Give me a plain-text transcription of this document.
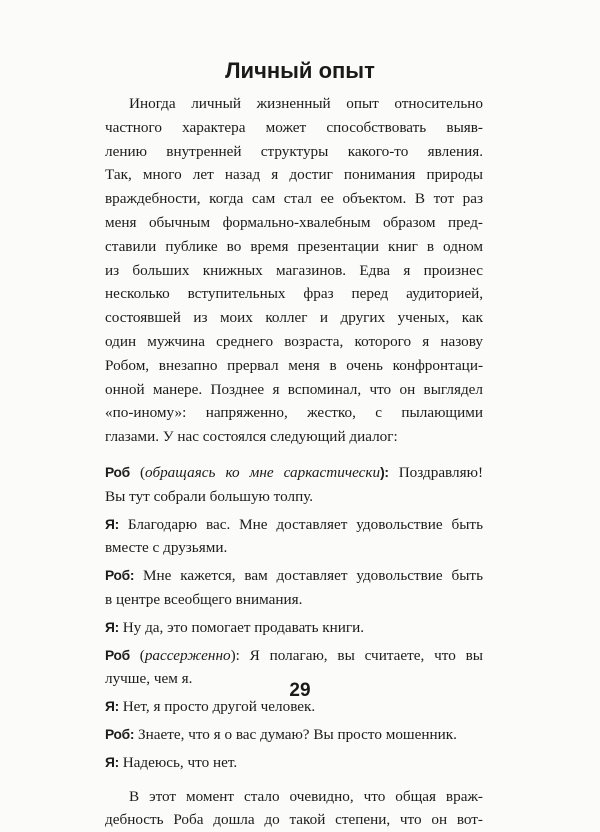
Личный опыт
Иногда личный жизненный опыт относительно
частного характера может способствовать выяв-
лению внутренней структуры какого-то явления.
Так, много лет назад я достиг понимания природы
враждебности, когда сам стал ее объектом. В тот раз
меня обычным формально-хвалебным образом пред-
ставили публике во время презентации книг в одном
из больших книжных магазинов. Едва я произнес
несколько вступительных фраз перед аудиторией,
состоявшей из моих коллег и других ученых, как
один мужчина среднего возраста, которого я назову
Робом, внезапно прервал меня в очень конфронтаци-
онной манере. Позднее я вспоминал, что он выглядел
«по-иному»: напряженно, жестко, с пылающими
глазами. У нас состоялся следующий диалог:
Роб (обращаясь ко мне саркастически): Поздравляю!
Вы тут собрали большую толпу.
Я: Благодарю вас. Мне доставляет удовольствие быть
вместе с друзьями.
Роб: Мне кажется, вам доставляет удовольствие быть
в центре всеобщего внимания.
Я: Ну да, это помогает продавать книги.
Роб (рассерженно): Я полагаю, вы считаете, что вы
лучше, чем я.
Я: Нет, я просто другой человек.
Роб: Знаете, что я о вас думаю? Вы просто мошенник.
Я: Надеюсь, что нет.
В этот момент стало очевидно, что общая враж-
дебность Роба дошла до такой степени, что он вот-
29
